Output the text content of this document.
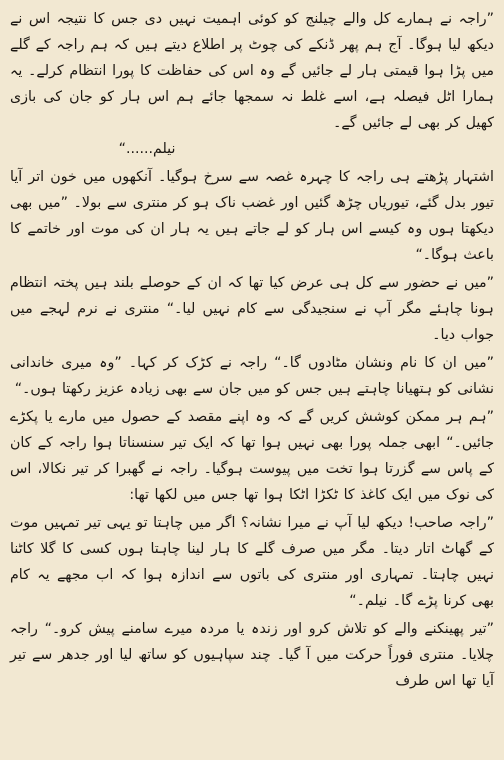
”راجہ نے ہمارے کل والے چیلنج کو کوئی اہمیت نہیں دی جس کا نتیجہ اس نے دیکھ لیا ہوگا۔ آج ہم پھر ڈنکے کی چوٹ پر اطلاع دیتے ہیں کہ ہم راجہ کے گلے میں پڑا ہوا قیمتی ہار لے جائیں گے وہ اس کی حفاظت کا پورا انتظام کرلے۔ یہ ہمارا اٹل فیصلہ ہے، اسے غلط نہ سمجھا جائے ہم اس ہار کو جان کی بازی کھیل کر بھی لے جائیں گے۔

نیلم......“

اشتہار پڑھتے ہی راجہ کا چہرہ غصہ سے سرخ ہوگیا۔ آنکھوں میں خون اتر آیا تیور بدل گئے، تیوریاں چڑھ گئیں اور غضب ناک ہو کر منتری سے بولا۔ ”میں بھی دیکھتا ہوں وہ کیسے اس ہار کو لے جاتے ہیں یہ ہار ان کی موت اور خاتمے کا باعث ہوگا۔“

”میں نے حضور سے کل ہی عرض کیا تھا کہ ان کے حوصلے بلند ہیں پختہ انتظام ہونا چاہئے مگر آپ نے سنجیدگی سے کام نہیں لیا۔“ منتری نے نرم لہجے میں جواب دیا۔

”میں ان کا نام ونشان مٹادوں گا۔“ راجہ نے کڑک کر کہا۔ ”وہ میری خاندانی نشانی کو ہتھیانا چاہتے ہیں جس کو میں جان سے بھی زیادہ عزیز رکھتا ہوں۔“

”ہم ہر ممکن کوشش کریں گے کہ وہ اپنے مقصد کے حصول میں مارے یا پکڑے جائیں۔“ ابھی جملہ پورا بھی نہیں ہوا تھا کہ ایک تیر سنسناتا ہوا راجہ کے کان کے پاس سے گزرتا ہوا تخت میں پیوست ہوگیا۔ راجہ نے گھبرا کر تیر نکالا، اس کی نوک میں ایک کاغذ کا ٹکڑا اٹکا ہوا تھا جس میں لکھا تھا:

”راجہ صاحب! دیکھ لیا آپ نے میرا نشانہ؟ اگر میں چاہتا تو یہی تیر تمہیں موت کے گھاٹ اتار دیتا۔ مگر میں صرف گلے کا ہار لینا چاہتا ہوں کسی کا گلا کاٹنا نہیں چاہتا۔ تمہاری اور منتری کی باتوں سے اندازہ ہوا کہ اب مجھے یہ کام بھی کرنا پڑے گا۔ نیلم۔“

”تیر پھینکنے والے کو تلاش کرو اور زندہ یا مردہ میرے سامنے پیش کرو۔“ راجہ چلایا۔ منتری فوراً حرکت میں آ گیا۔ چند سپاہیوں کو ساتھ لیا اور جدھر سے تیر آیا تھا اس طرف
